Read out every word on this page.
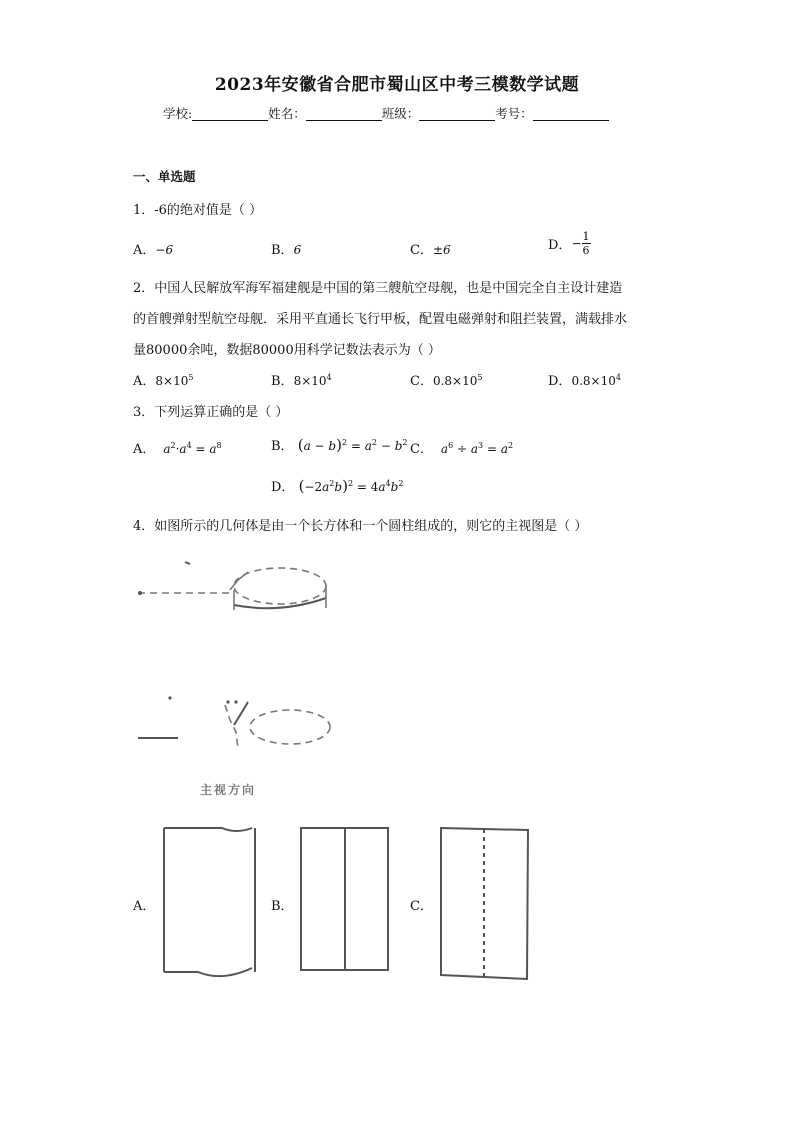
2023年安徽省合肥市蜀山区中考三模数学试题
学校:	姓名：	班级：	考号：
一、单选题
1．-6的绝对值是（ ）
A．−6	B．6	C．±6	D．− $\frac{1}{6}$
2．中国人民解放军海军福建舰是中国的第三艘航空母舰，也是中国完全自主设计建造
的首艘弹射型航空母舰．采用平直通长飞行甲板，配置电磁弹射和阻拦装置，满载排水
量80000余吨，数据80000用科学记数法表示为（ ）
A．$8\times 10^5$	B．$8\times 10^4$	C．$0.8\times 10^5$	D．$0.8\times 10^4$
3．下列运算正确的是（ ）
A．  $a^2\cdot a^4 = a^8$	B． $(a - b)^2 = a^2 - b^2$ C．  $a^6 \div a^3 = a^2$
D． $(-2a^2b)^2 = 4a^4b^2$
4．如图所示的几何体是由一个长方体和一个圆柱组成的，则它的主视图是（ ）
主视方向
A．	B．	C．
